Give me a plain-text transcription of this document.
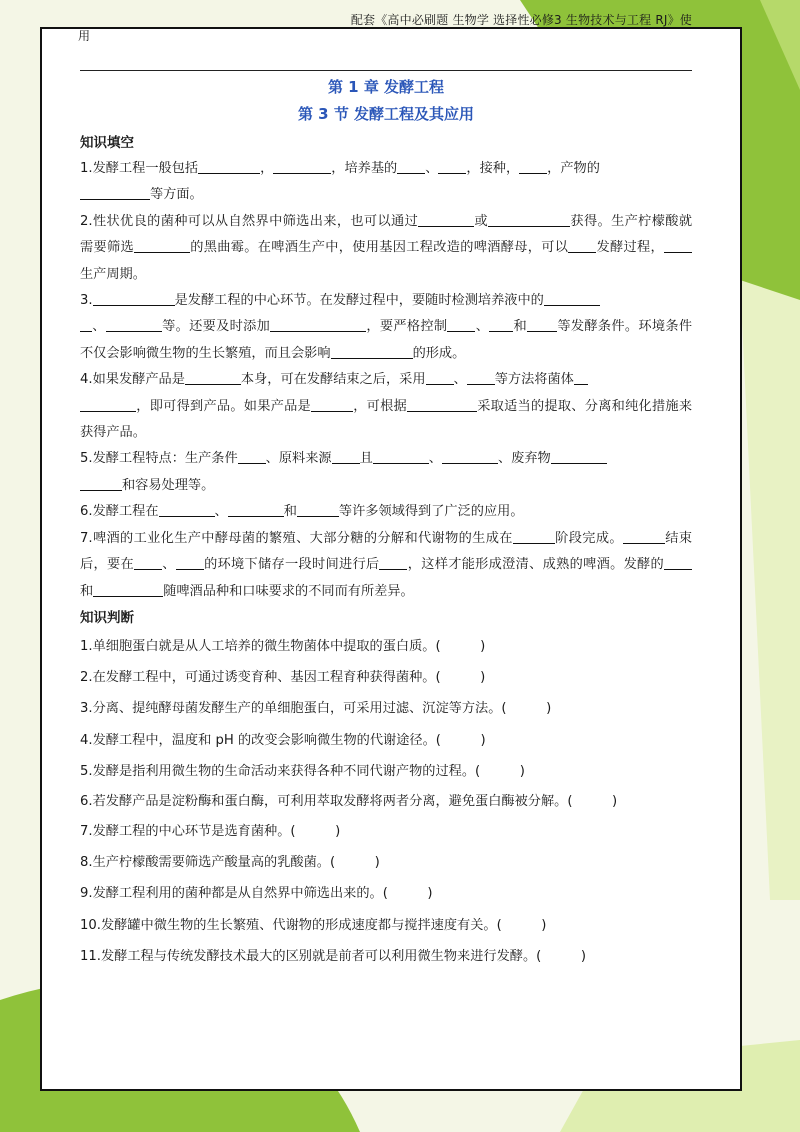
配套《高中必刷题 生物学 选择性必修3 生物技术与工程 RJ》使
用
第 1 章 发酵工程
第 3 节 发酵工程及其应用
知识填空

1.发酵工程一般包括	，	，培养基的 、 ，接种， ，产物的
等方面。

2.性状优良的菌种可以从自然界中筛选出来，也可以通过	或	获得。生产柠檬酸就需要筛选	的黑曲霉。在啤酒生产中，使用基因工程改造的啤酒酵母，可以 发酵过程，生产周期。

3.	是发酵工程的中心环节。在发酵过程中，要随时检测培养液中的
、	等。还要及时添加	，要严格控制 、 和 等发酵条件。环境条件不仅会影响微生物的生长繁殖，而且会影响	的形成。

4.如果发酵产品是	本身，可在发酵结束之后，采用 、 等方法将菌体
，即可得到产品。如果产品是	，可根据	采取适当的提取、分离和纯化措施来获得产品。

5.发酵工程特点：生产条件 、原料来源 且	、	、废弃物
和容易处理等。

6.发酵工程在	、	和	等许多领域得到了广泛的应用。

7.啤酒的工业化生产中酵母菌的繁殖、大部分糖的分解和代谢物的生成在	阶段完成。	结束后，要在 、 的环境下储存一段时间进行后 ，这样才能形成澄清、成熟的啤酒。发酵的和	随啤酒品种和口味要求的不同而有所差异。

知识判断

1.单细胞蛋白就是从人工培养的微生物菌体中提取的蛋白质。(　　　)

2.在发酵工程中，可通过诱变育种、基因工程育种获得菌种。(　　　)

3.分离、提纯酵母菌发酵生产的单细胞蛋白，可采用过滤、沉淀等方法。(　　　)

4.发酵工程中，温度和 pH 的改变会影响微生物的代谢途径。(　　　)

5.发酵是指利用微生物的生命活动来获得各种不同代谢产物的过程。(　　　)

6.若发酵产品是淀粉酶和蛋白酶，可利用萃取发酵将两者分离，避免蛋白酶被分解。(　　　)

7.发酵工程的中心环节是选育菌种。(　　　)

8.生产柠檬酸需要筛选产酸量高的乳酸菌。(　　　)

9.发酵工程利用的菌种都是从自然界中筛选出来的。(　　　)

10.发酵罐中微生物的生长繁殖、代谢物的形成速度都与搅拌速度有关。(　　　)

11.发酵工程与传统发酵技术最大的区别就是前者可以利用微生物来进行发酵。(　　　)
